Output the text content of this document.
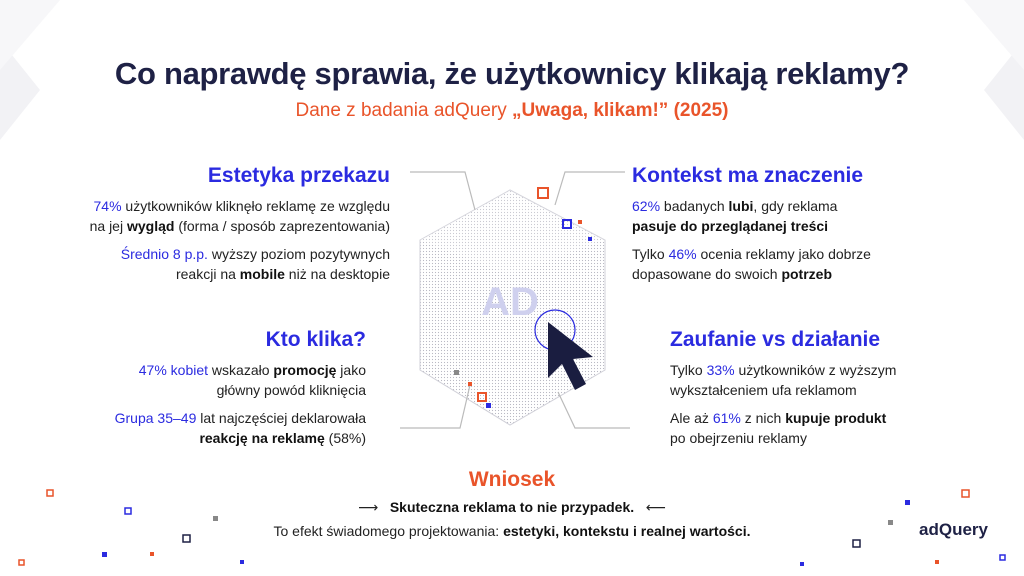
Co naprawdę sprawia, że użytkownicy klikają reklamy?
Dane z badania adQuery „Uwaga, klikam!” (2025)
AD
Estetyka przekazu
74% użytkowników kliknęło reklamę ze względu
na jej wygląd (forma / sposób zaprezentowania)
Średnio 8 p.p. wyższy poziom pozytywnych
reakcji na mobile niż na desktopie
Kontekst ma znaczenie
62% badanych lubi, gdy reklama
pasuje do przeglądanej treści
Tylko 46% ocenia reklamy jako dobrze
dopasowane do swoich potrzeb
Kto klika?
47% kobiet wskazało promocję jako
główny powód kliknięcia
Grupa 35–49 lat najczęściej deklarowała
reakcję na reklamę (58%)
Zaufanie vs działanie
Tylko 33% użytkowników z wyższym
wykształceniem ufa reklamom
Ale aż 61% z nich kupuje produkt
po obejrzeniu reklamy
Wniosek
⟶ Skuteczna reklama to nie przypadek. ⟵
To efekt świadomego projektowania: estetyki, kontekstu i realnej wartości.	adQuery
